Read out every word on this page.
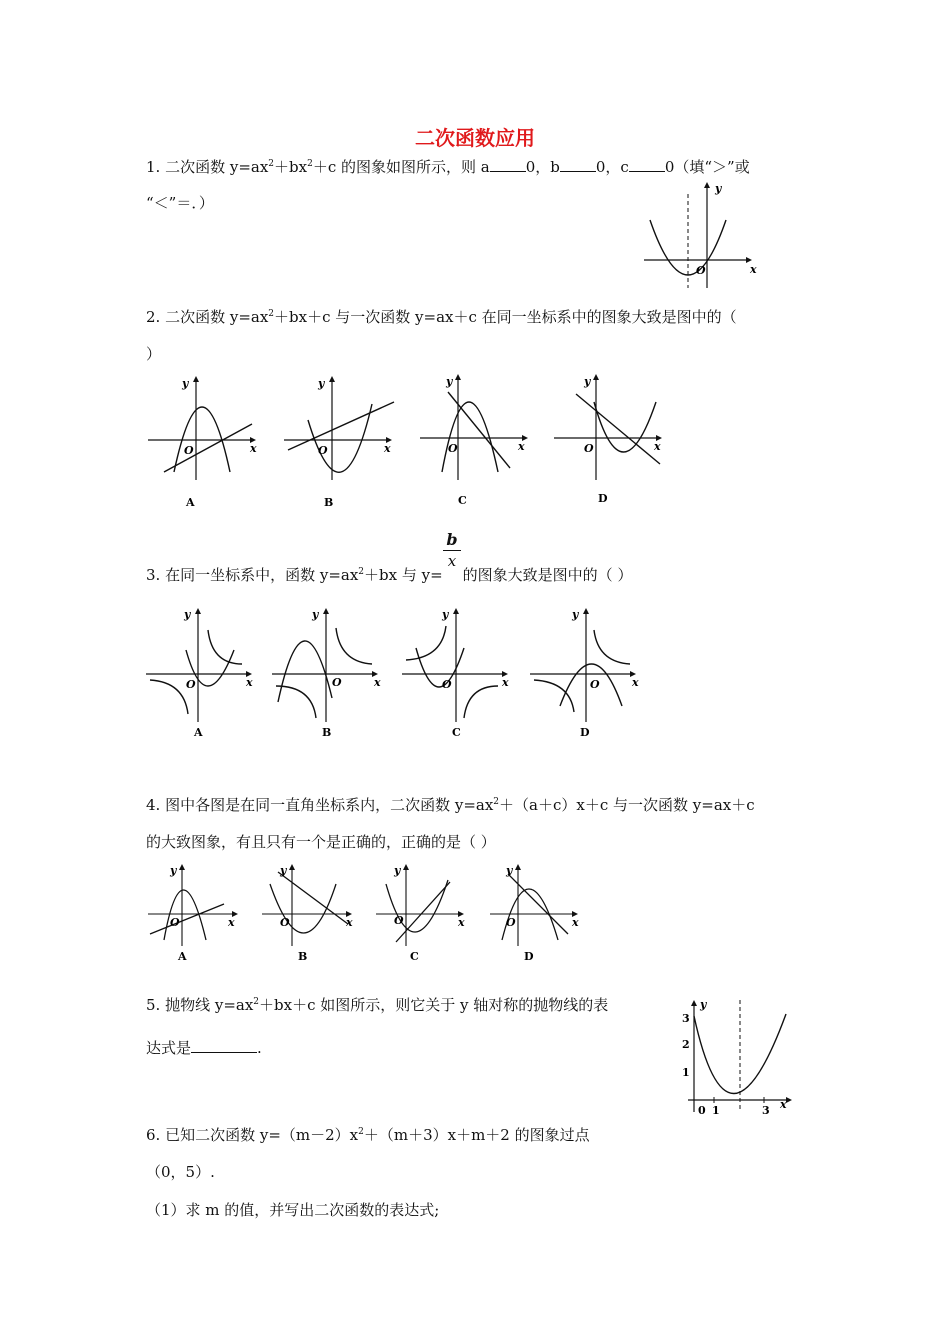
二次函数应用
1. 二次函数 $y=ax^2+bx^2+c$ 的图象如图所示，则 a 0，b 0，c 0（填“＞”或
“＜”＝．）
y
x
O
2. 二次函数 $y=ax^2+bx+c$ 与一次函数 y=ax＋c 在同一坐标系中的图象大致是图中的（
）
y
x
O
A
y
x
O
B
y
x
O
C
y
x
O
D
$\frac{b}{x}$
3. 在同一坐标系中，函数 $y=ax^2+bx$ 与 y= 的图象大致是图中的（ ）
y
x
O
A
y
x
O
B
y
x
O
C
y
x
O
D
4. 图中各图是在同一直角坐标系内，二次函数 $y=ax^2+(a+c)x+c$ 与一次函数 y=ax＋c
的大致图象，有且只有一个是正确的，正确的是（ ）
y
x
O
A
y
x
O
B
y
x
O
C
y
x
O
D
5. 抛物线 $y=ax^2+bx+c$ 如图所示，则它关于 y 轴对称的抛物线的表
达式是	.
y
x
3
2
1
0 1	3
6. 已知二次函数 $y=(m-2)x^2+(m+3)x+m+2$ 的图象过点
（0，5）.
（1）求 m 的值，并写出二次函数的表达式;
